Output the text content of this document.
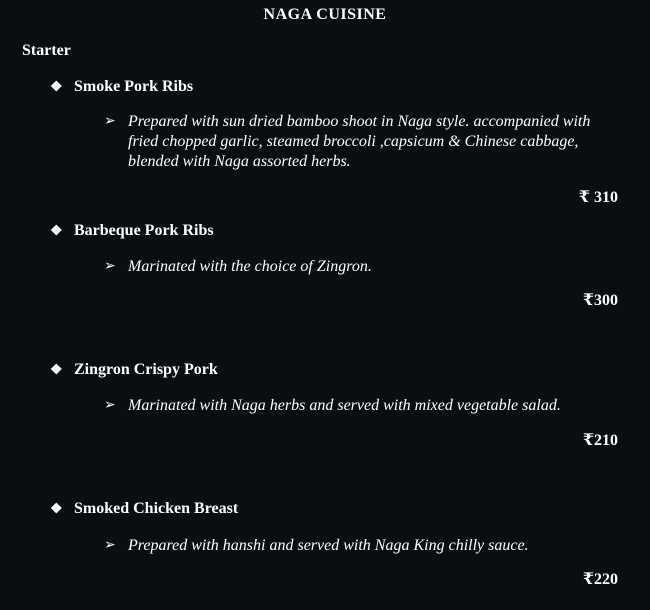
NAGA CUISINE
Starter
❖ Smoke Pork Ribs
➢ Prepared with sun dried bamboo shoot in Naga style. accompanied with fried chopped garlic, steamed broccoli ,capsicum & Chinese cabbage, blended with Naga assorted herbs.
₹ 310
❖ Barbeque Pork Ribs
➢ Marinated with the choice of Zingron.
₹300
❖ Zingron Crispy Pork
➢ Marinated with Naga herbs and served with mixed vegetable salad.
₹210
❖ Smoked Chicken Breast
➢ Prepared with hanshi and served with Naga King chilly sauce.
₹220
